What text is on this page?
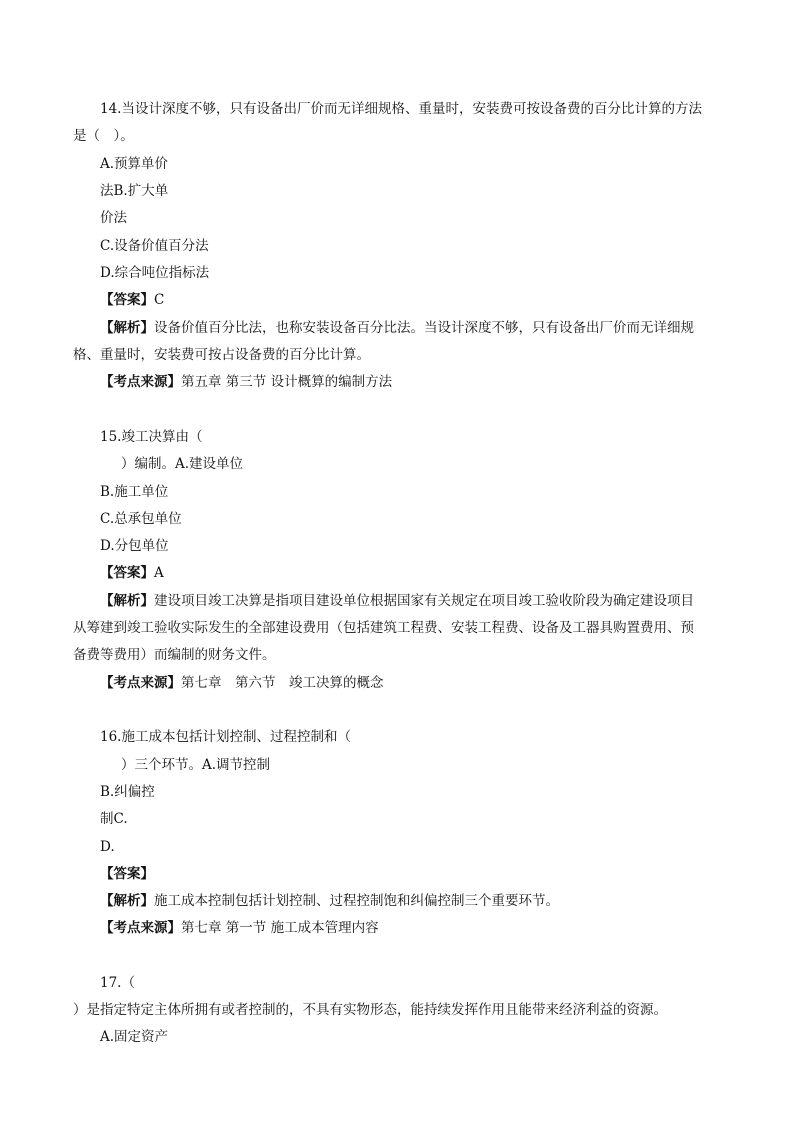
14.当设计深度不够，只有设备出厂价而无详细规格、重量时，安装费可按设备费的百分比计算的方法
是（　）。
A.预算单价
法B.扩大单
价法
C.设备价值百分法
D.综合吨位指标法
【答案】C
【解析】设备价值百分比法，也称安装设备百分比法。当设计深度不够，只有设备出厂价而无详细规
格、重量时，安装费可按占设备费的百分比计算。
【考点来源】第五章 第三节 设计概算的编制方法
15.竣工决算由（
）编制。A.建设单位
B.施工单位
C.总承包单位
D.分包单位
【答案】A
【解析】建设项目竣工决算是指项目建设单位根据国家有关规定在项目竣工验收阶段为确定建设项目
从筹建到竣工验收实际发生的全部建设费用（包括建筑工程费、安装工程费、设备及工器具购置费用、预
备费等费用）而编制的财务文件。
【考点来源】第七章　第六节　竣工决算的概念
16.施工成本包括计划控制、过程控制和（
）三个环节。A.调节控制
B.纠偏控
制C.
D.
【答案】
【解析】施工成本控制包括计划控制、过程控制饱和纠偏控制三个重要环节。
【考点来源】第七章 第一节 施工成本管理内容
17.（
）是指定特定主体所拥有或者控制的，不具有实物形态，能持续发挥作用且能带来经济利益的资源。
A.固定资产
